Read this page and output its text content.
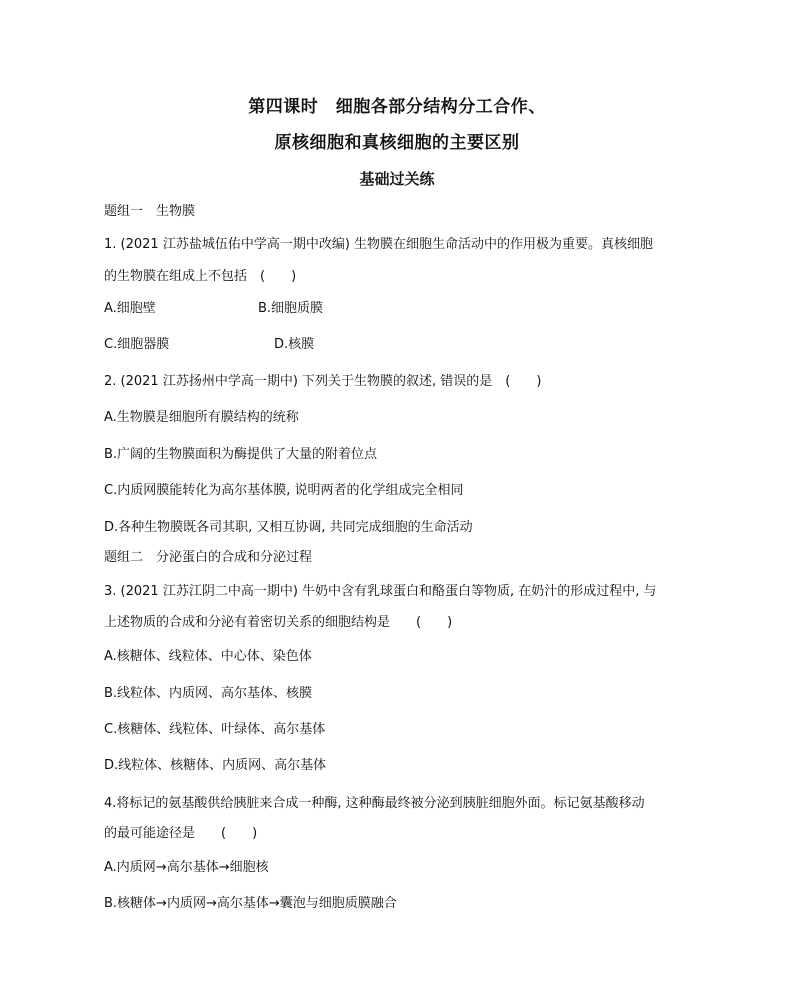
第四课时　细胞各部分结构分工合作、
原核细胞和真核细胞的主要区别
基础过关练
题组一　生物膜
1. (2021 江苏盐城伍佑中学高一期中改编) 生物膜在细胞生命活动中的作用极为重要。真核细胞
的生物膜在组成上不包括　(　　)
A.细胞壁	B.细胞质膜
C.细胞器膜	D.核膜
2. (2021 江苏扬州中学高一期中) 下列关于生物膜的叙述, 错误的是　(　　)
A.生物膜是细胞所有膜结构的统称
B.广阔的生物膜面积为酶提供了大量的附着位点
C.内质网膜能转化为高尔基体膜, 说明两者的化学组成完全相同
D.各种生物膜既各司其职, 又相互协调, 共同完成细胞的生命活动
题组二　分泌蛋白的合成和分泌过程
3. (2021 江苏江阴二中高一期中) 牛奶中含有乳球蛋白和酪蛋白等物质, 在奶汁的形成过程中, 与
上述物质的合成和分泌有着密切关系的细胞结构是　　(　　)
A.核糖体、线粒体、中心体、染色体
B.线粒体、内质网、高尔基体、核膜
C.核糖体、线粒体、叶绿体、高尔基体
D.线粒体、核糖体、内质网、高尔基体
4.将标记的氨基酸供给胰脏来合成一种酶, 这种酶最终被分泌到胰脏细胞外面。标记氨基酸移动
的最可能途径是　　(　　)
A.内质网→高尔基体→细胞核
B.核糖体→内质网→高尔基体→囊泡与细胞质膜融合
